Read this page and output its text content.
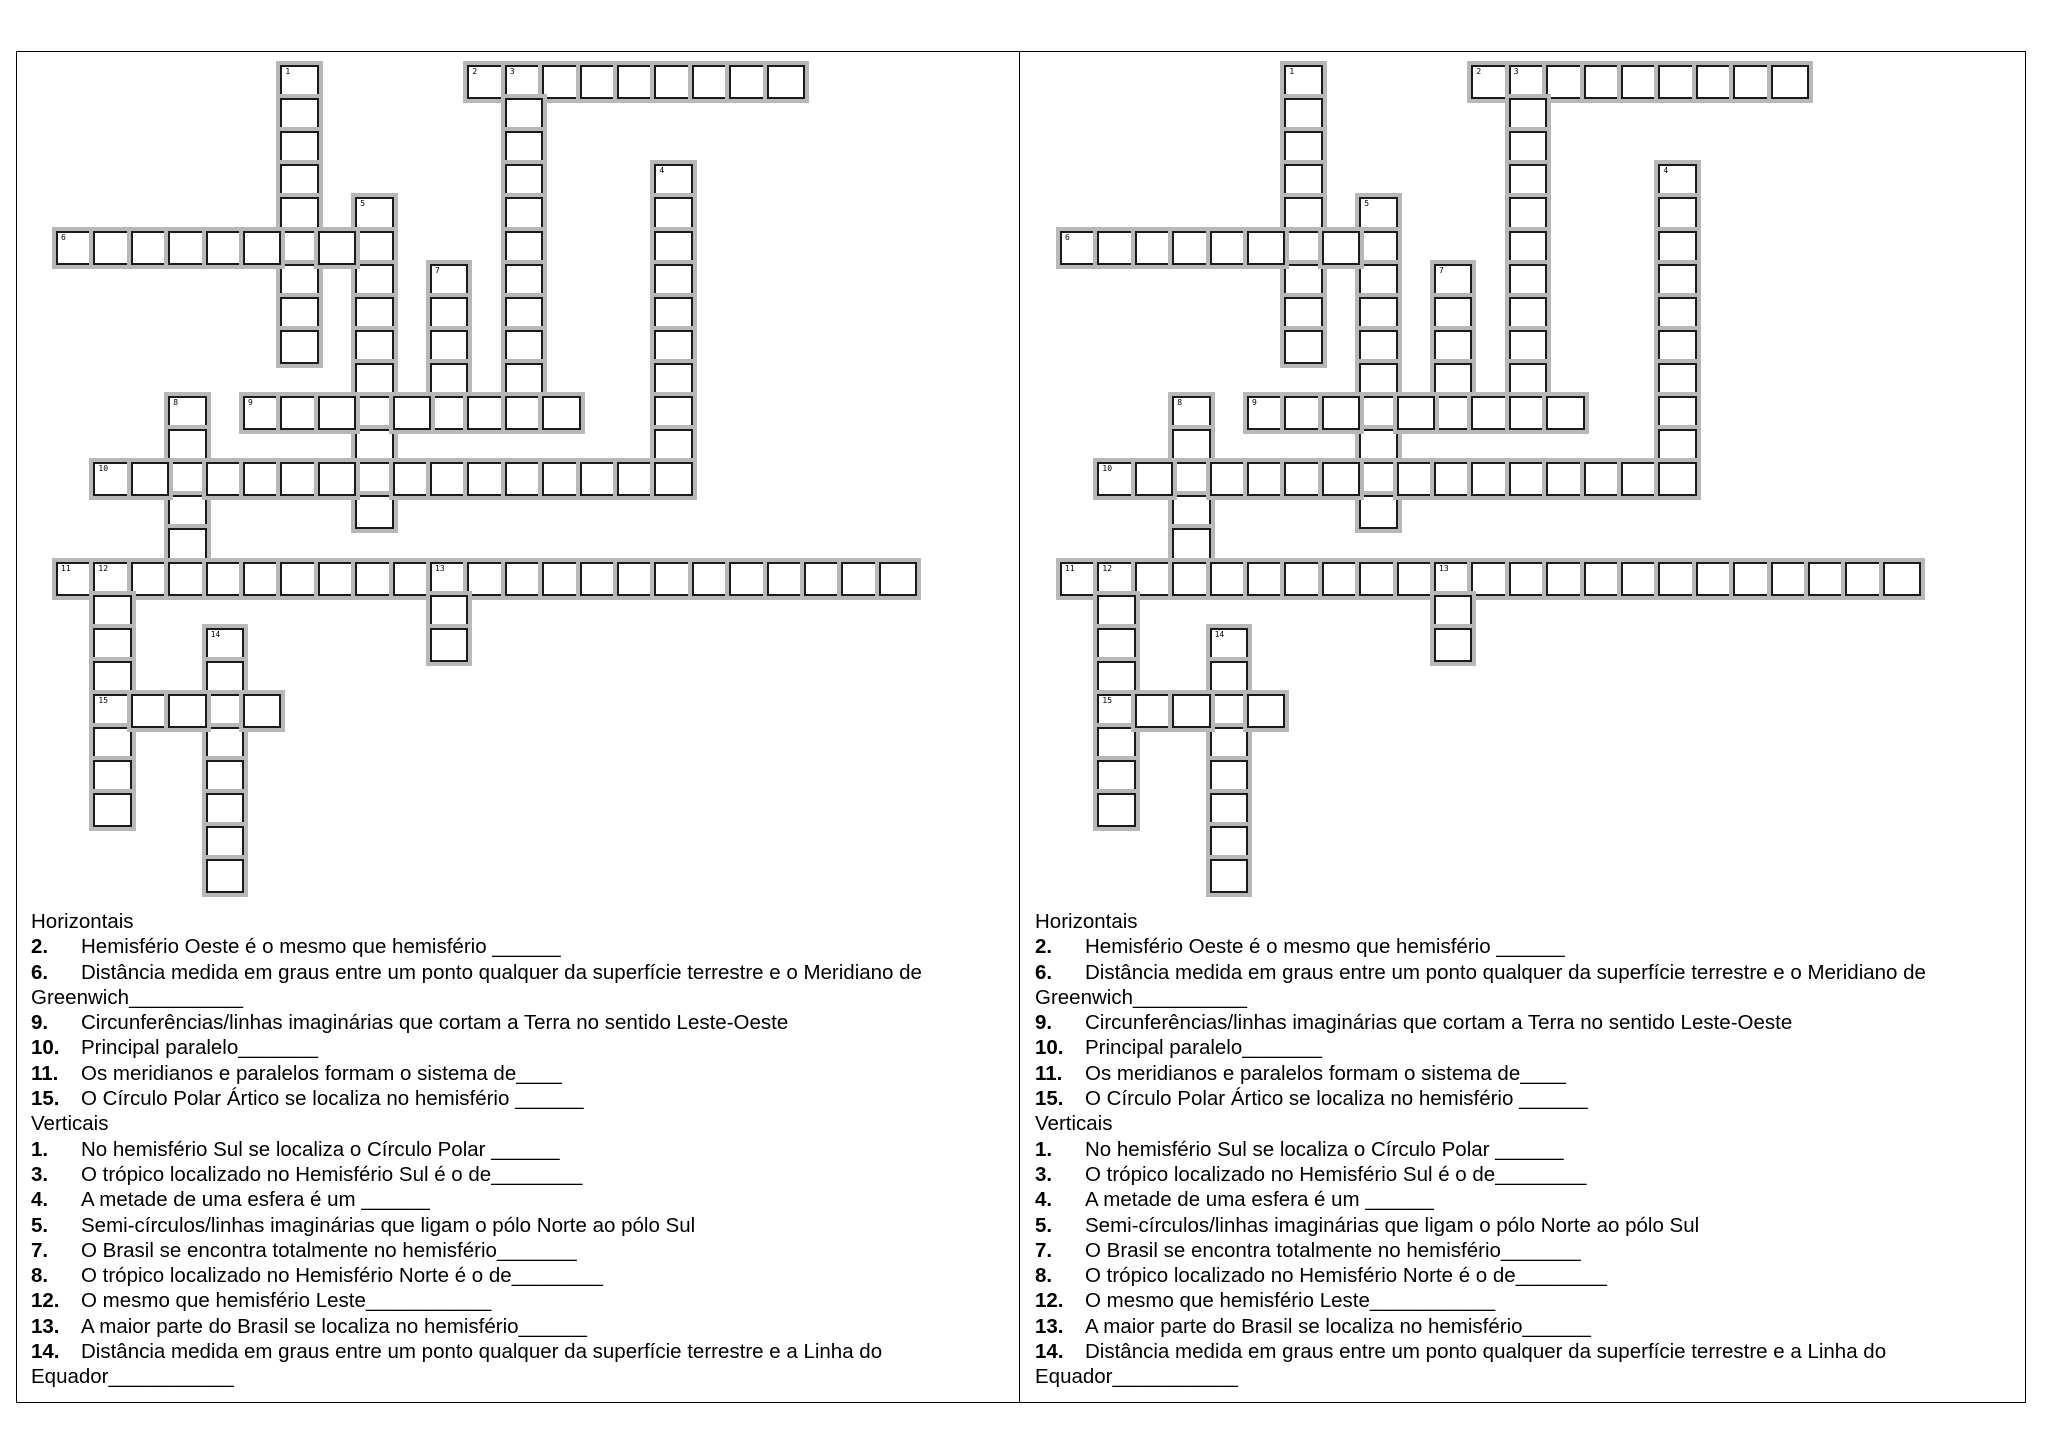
1	2	3
4
5
6
7
8	9
10
11	12	13
15
14
Horizontais
2. Hemisfério Oeste é o mesmo que hemisfério ______
6. Distância medida em graus entre um ponto qualquer da superfície terrestre e o Meridiano de Greenwich__________
9. Circunferências/linhas imaginárias que cortam a Terra no sentido Leste-Oeste
10. Principal paralelo_______
11. Os meridianos e paralelos formam o sistema de____
15. O Círculo Polar Ártico se localiza no hemisfério ______
Verticais
1. No hemisfério Sul se localiza o Círculo Polar ______
3. O trópico localizado no Hemisfério Sul é o de________
4. A metade de uma esfera é um ______
5. Semi-círculos/linhas imaginárias que ligam o pólo Norte ao pólo Sul
7. O Brasil se encontra totalmente no hemisfério_______
8. O trópico localizado no Hemisfério Norte é o de________
12. O mesmo que hemisfério Leste___________
13. A maior parte do Brasil se localiza no hemisfério______
14. Distância medida em graus entre um ponto qualquer da superfície terrestre e a Linha do Equador___________
1	2	3
4
5
6
7
8	9
10
11	12	13
15
14
Horizontais
2. Hemisfério Oeste é o mesmo que hemisfério ______
6. Distância medida em graus entre um ponto qualquer da superfície terrestre e o Meridiano de Greenwich__________
9. Circunferências/linhas imaginárias que cortam a Terra no sentido Leste-Oeste
10. Principal paralelo_______
11. Os meridianos e paralelos formam o sistema de____
15. O Círculo Polar Ártico se localiza no hemisfério ______
Verticais
1. No hemisfério Sul se localiza o Círculo Polar ______
3. O trópico localizado no Hemisfério Sul é o de________
4. A metade de uma esfera é um ______
5. Semi-círculos/linhas imaginárias que ligam o pólo Norte ao pólo Sul
7. O Brasil se encontra totalmente no hemisfério_______
8. O trópico localizado no Hemisfério Norte é o de________
12. O mesmo que hemisfério Leste___________
13. A maior parte do Brasil se localiza no hemisfério______
14. Distância medida em graus entre um ponto qualquer da superfície terrestre e a Linha do Equador___________
